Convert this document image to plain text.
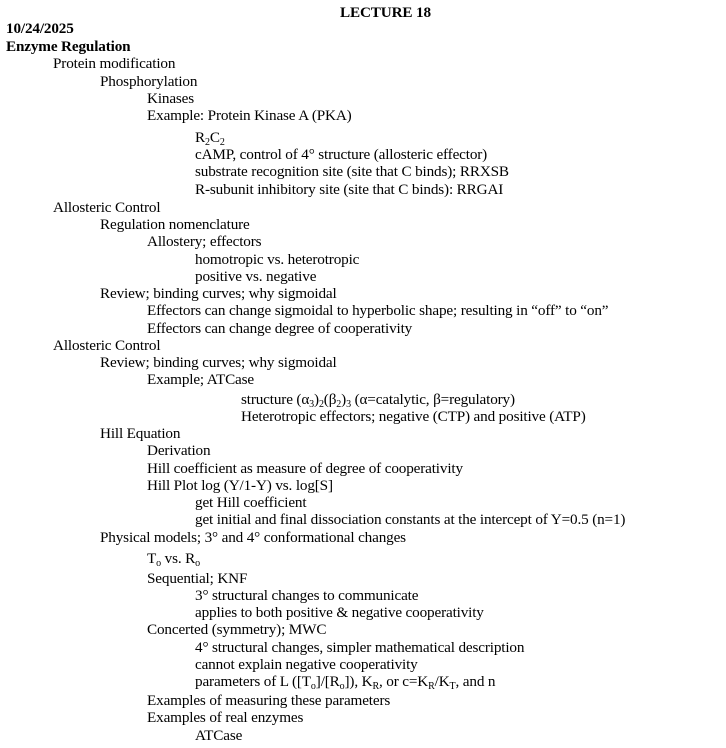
LECTURE 18
10/24/2025
Enzyme Regulation
Protein modification
Phosphorylation
Kinases
Example: Protein Kinase A (PKA)
$R_2C_2$
cAMP, control of 4° structure (allosteric effector)
substrate recognition site (site that C binds); RRXSB
R-subunit inhibitory site (site that C binds): RRGAI
Allosteric Control
Regulation nomenclature
Allostery; effectors
homotropic vs. heterotropic
positive vs. negative
Review; binding curves; why sigmoidal
Effectors can change sigmoidal to hyperbolic shape; resulting in “off” to “on”
Effectors can change degree of cooperativity
Allosteric Control
Review; binding curves; why sigmoidal
Example; ATCase
structure $(\alpha_3)_2(\beta_2)_3$ (α=catalytic, β=regulatory)
Heterotropic effectors; negative (CTP) and positive (ATP)
Hill Equation
Derivation
Hill coefficient as measure of degree of cooperativity
Hill Plot log (Y/1-Y) vs. log[S]
get Hill coefficient
get initial and final dissociation constants at the intercept of Y=0.5 (n=1)
Physical models; 3° and 4° conformational changes
$T_o$ vs. $R_o$
Sequential; KNF
3° structural changes to communicate
applies to both positive & negative cooperativity
Concerted (symmetry); MWC
4° structural changes, simpler mathematical description
cannot explain negative cooperativity
parameters of L $([T_o]/[R_o])$, $K_R$, or $c=K_R/K_T$, and n
Examples of measuring these parameters
Examples of real enzymes
ATCase
